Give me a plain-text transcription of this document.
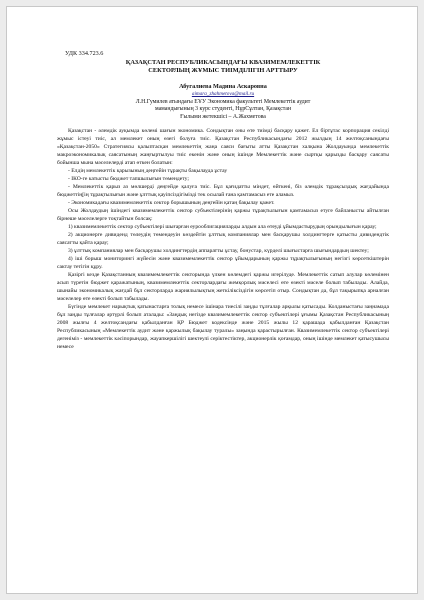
УДК 334.723.6
ҚАЗАҚСТАН РЕСПУБЛИКАСЫНДАҒЫ КВАЗИМЕМЛЕКЕТТІК
СЕКТОРЛЫҢ ЖҰМЫС ТИІМДІЛІГІН АРТТЫРУ
Абугалиева Мадина Аскаровна
aimara_zhahmetova@mail.ru
Л.Н.Гумилев атындағы ЕҰУ Экономика факультеті Мемлекеттік аудит
мамандығының 3 курс студенті, НұрСұлтан, Қазақстан
Ғылыми жетекшісі – А.Жахметова

Қазақстан - әлемдік ауқымда көлемі шағын экономика. Сондықтан оны өте тиімді басқару қажет. Ел біртұтас корпорация секілді жұмыс істеуі тиіс, ал мемлекет оның өзегі болуға тиіс. Қазақстан Республикасындағы 2012 жылдың 14 желтоқсанындағы «Қазақстан-2050» Стратегиясы қалыптасқан мемлекеттің жаңа саяси бағыты атты Қазақстан халқына Жолдауында мемлекеттік макроэкономикалық саясатының жаңғыртылуы тиіс екенін және оның ішінде Мемлекеттік және сыртқы қарызды басқару саясаты бойынша мына мәселелерді атап өткен болатын:

- Елдің мемлекеттік қарызының деңгейін тұрақты бақылауда ұстау

- ІКО-ге катысты бюджет тапшылығын төмендету;

- Мемлекеттік қарыз аз мөлшерді деңгейде қалуға тиіс. Бұл қағидатты міндет, өйткені, біз әлемдік тұрақсыздық жағдайында бюджеттің[ің тұрақтылығын және ұлттық қауіпсіздігімізді тек осылай ғана қамтамасыз ете аламыз.

- Экономикадағы квазимемлекеттік сектор борышының деңгейін қатаң бақылау қажет.

Осы Жолдаудың ішіндегі квазимемлекеттік сектор субъектілерінің қаржы тұрақтылығын қамтамасыз етуге байланысты айтылған бірнеше мәселелерге тоқтайтын болсақ:

1) квазимемлекеттік сектор субъектілері шығарған еурооблигацияларды алдын ала өтеуді ұйымдастырудың орындылығын қарау;

2) акционерге дивиденд төлеудің төмендеуін көздейтін ұлттық компаниялар мен басқарушы холдингтерге қатысты дивидендтік саясатты қайта қарау;

3) ұлттық компаниялар мен басқарушы холдингтердің аппаратты ұстау, бонустар, күрделі шығыстарға шығындардың шектеу;

4) іші борыш мониторингі жүйесін және квазимемлекеттік сектор ұйымдарының қаржы тұрақтылығының негізгі көрсеткіштерін сактау тетігін құру.

Қазіргі кезде Қазақстанның квазимемлекеттік секторында үлкен көлемдегі қаржы игерілуде. Мемлекеттік сатып алулар көлемінен асып түретін бюджет қаражатының, квазимемлекеттік секторлардағы жемқорлық мәселесі өте өзекті мәселе болып табылады. Алайда, шынайы экономикалық жағдай бұл секторларда жариялылықтың жеткіліксіздігін көрсетіп отыр. Сондықтан да, бұл тақырыпқа арналған мәселелер өте өзекті болып табылады.

Бүгінде мемлекет нарықтық қатынастарға толық немесе ішінара тиесілі заңды тұлғалар арқылы қатысады. Колданыстағы заңнамада бұл заңды тұлғалар әртүрлі болып аталады: «Заңдық негізде квазимемлекеттік сектор субъектілері ұғымы Қазақстан Республикасының 2008 жылғы 4 желтоқсандағы қабылданған ҚР Бюджет кодексінде және 2015 жылы 12 қарашада қабылданған Қазақстан Республикасының «Мемлекеттік аудит және қаржылық бақылау туралы» заңында қарастырылған. Квазимемлекеттік сектор субъектілері дегеніміз - мемлекеттік кәсіпорындар, жауапкершілігі шектеулі серіктестіктер, акционерлік қоғамдар, оның ішінде мемлекет қатысушысы немесе
